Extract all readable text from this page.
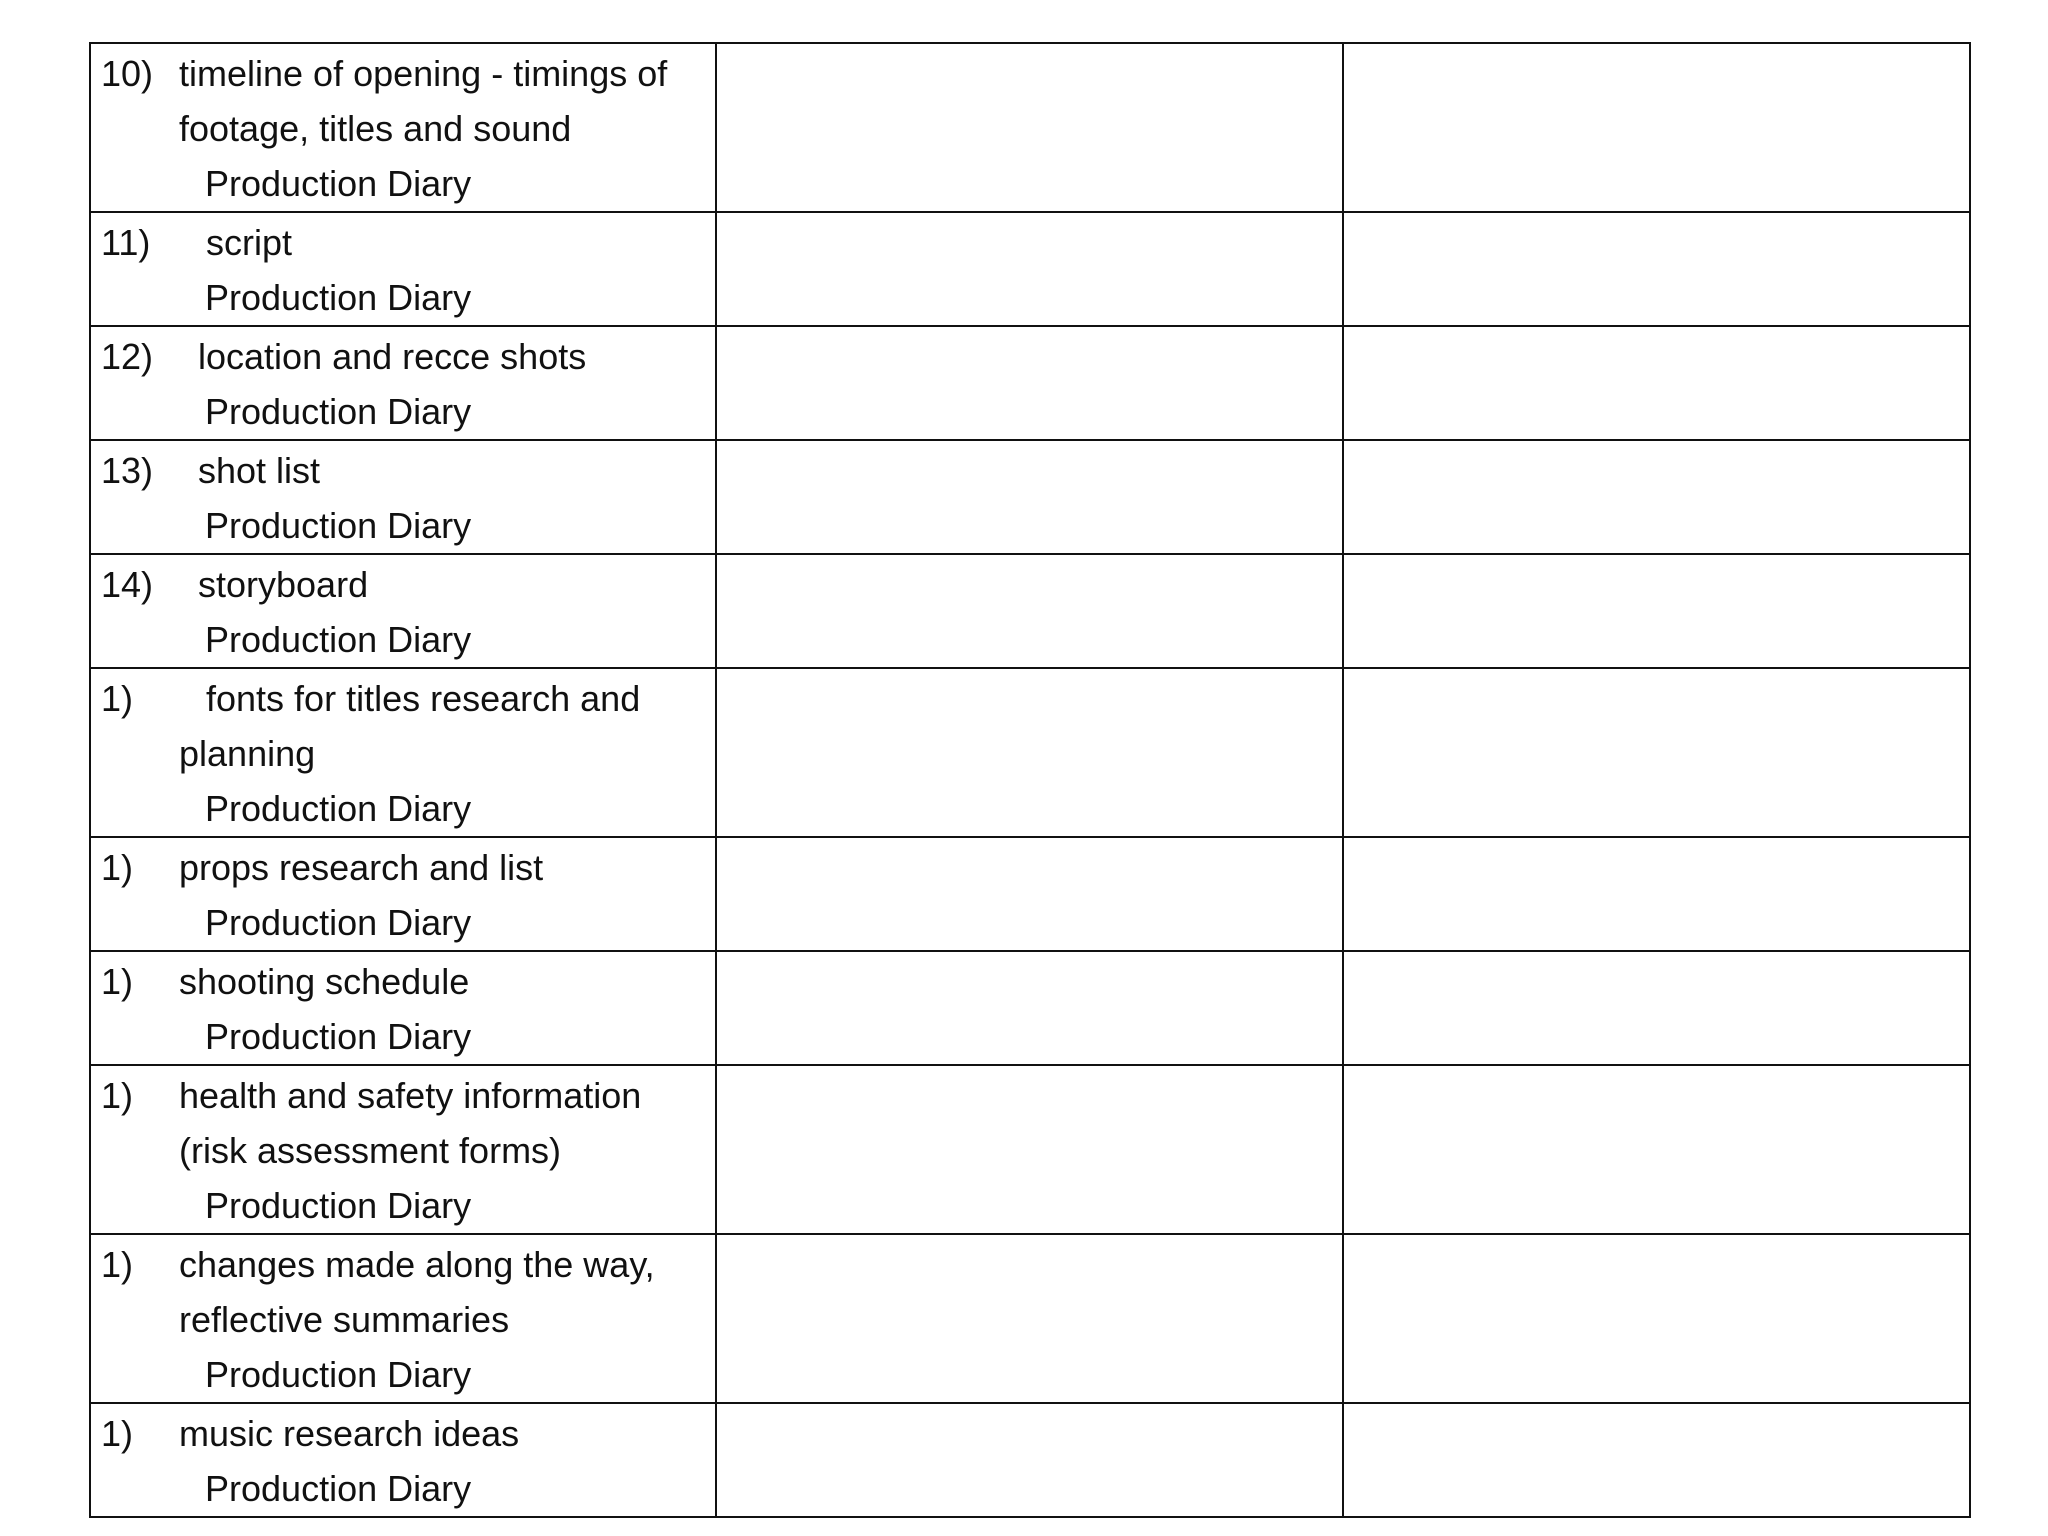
10) timeline of opening - timings of
footage, titles and sound
Production Diary		

11) script
Production Diary		

12) location and recce shots
Production Diary		

13) shot list
Production Diary		

14) storyboard
Production Diary		

1) fonts for titles research and
planning
Production Diary		

1) props research and list
Production Diary		

1) shooting schedule
Production Diary		

1) health and safety information
(risk assessment forms)
Production Diary		

1) changes made along the way,
reflective summaries
Production Diary		

1) music research ideas
Production Diary		
